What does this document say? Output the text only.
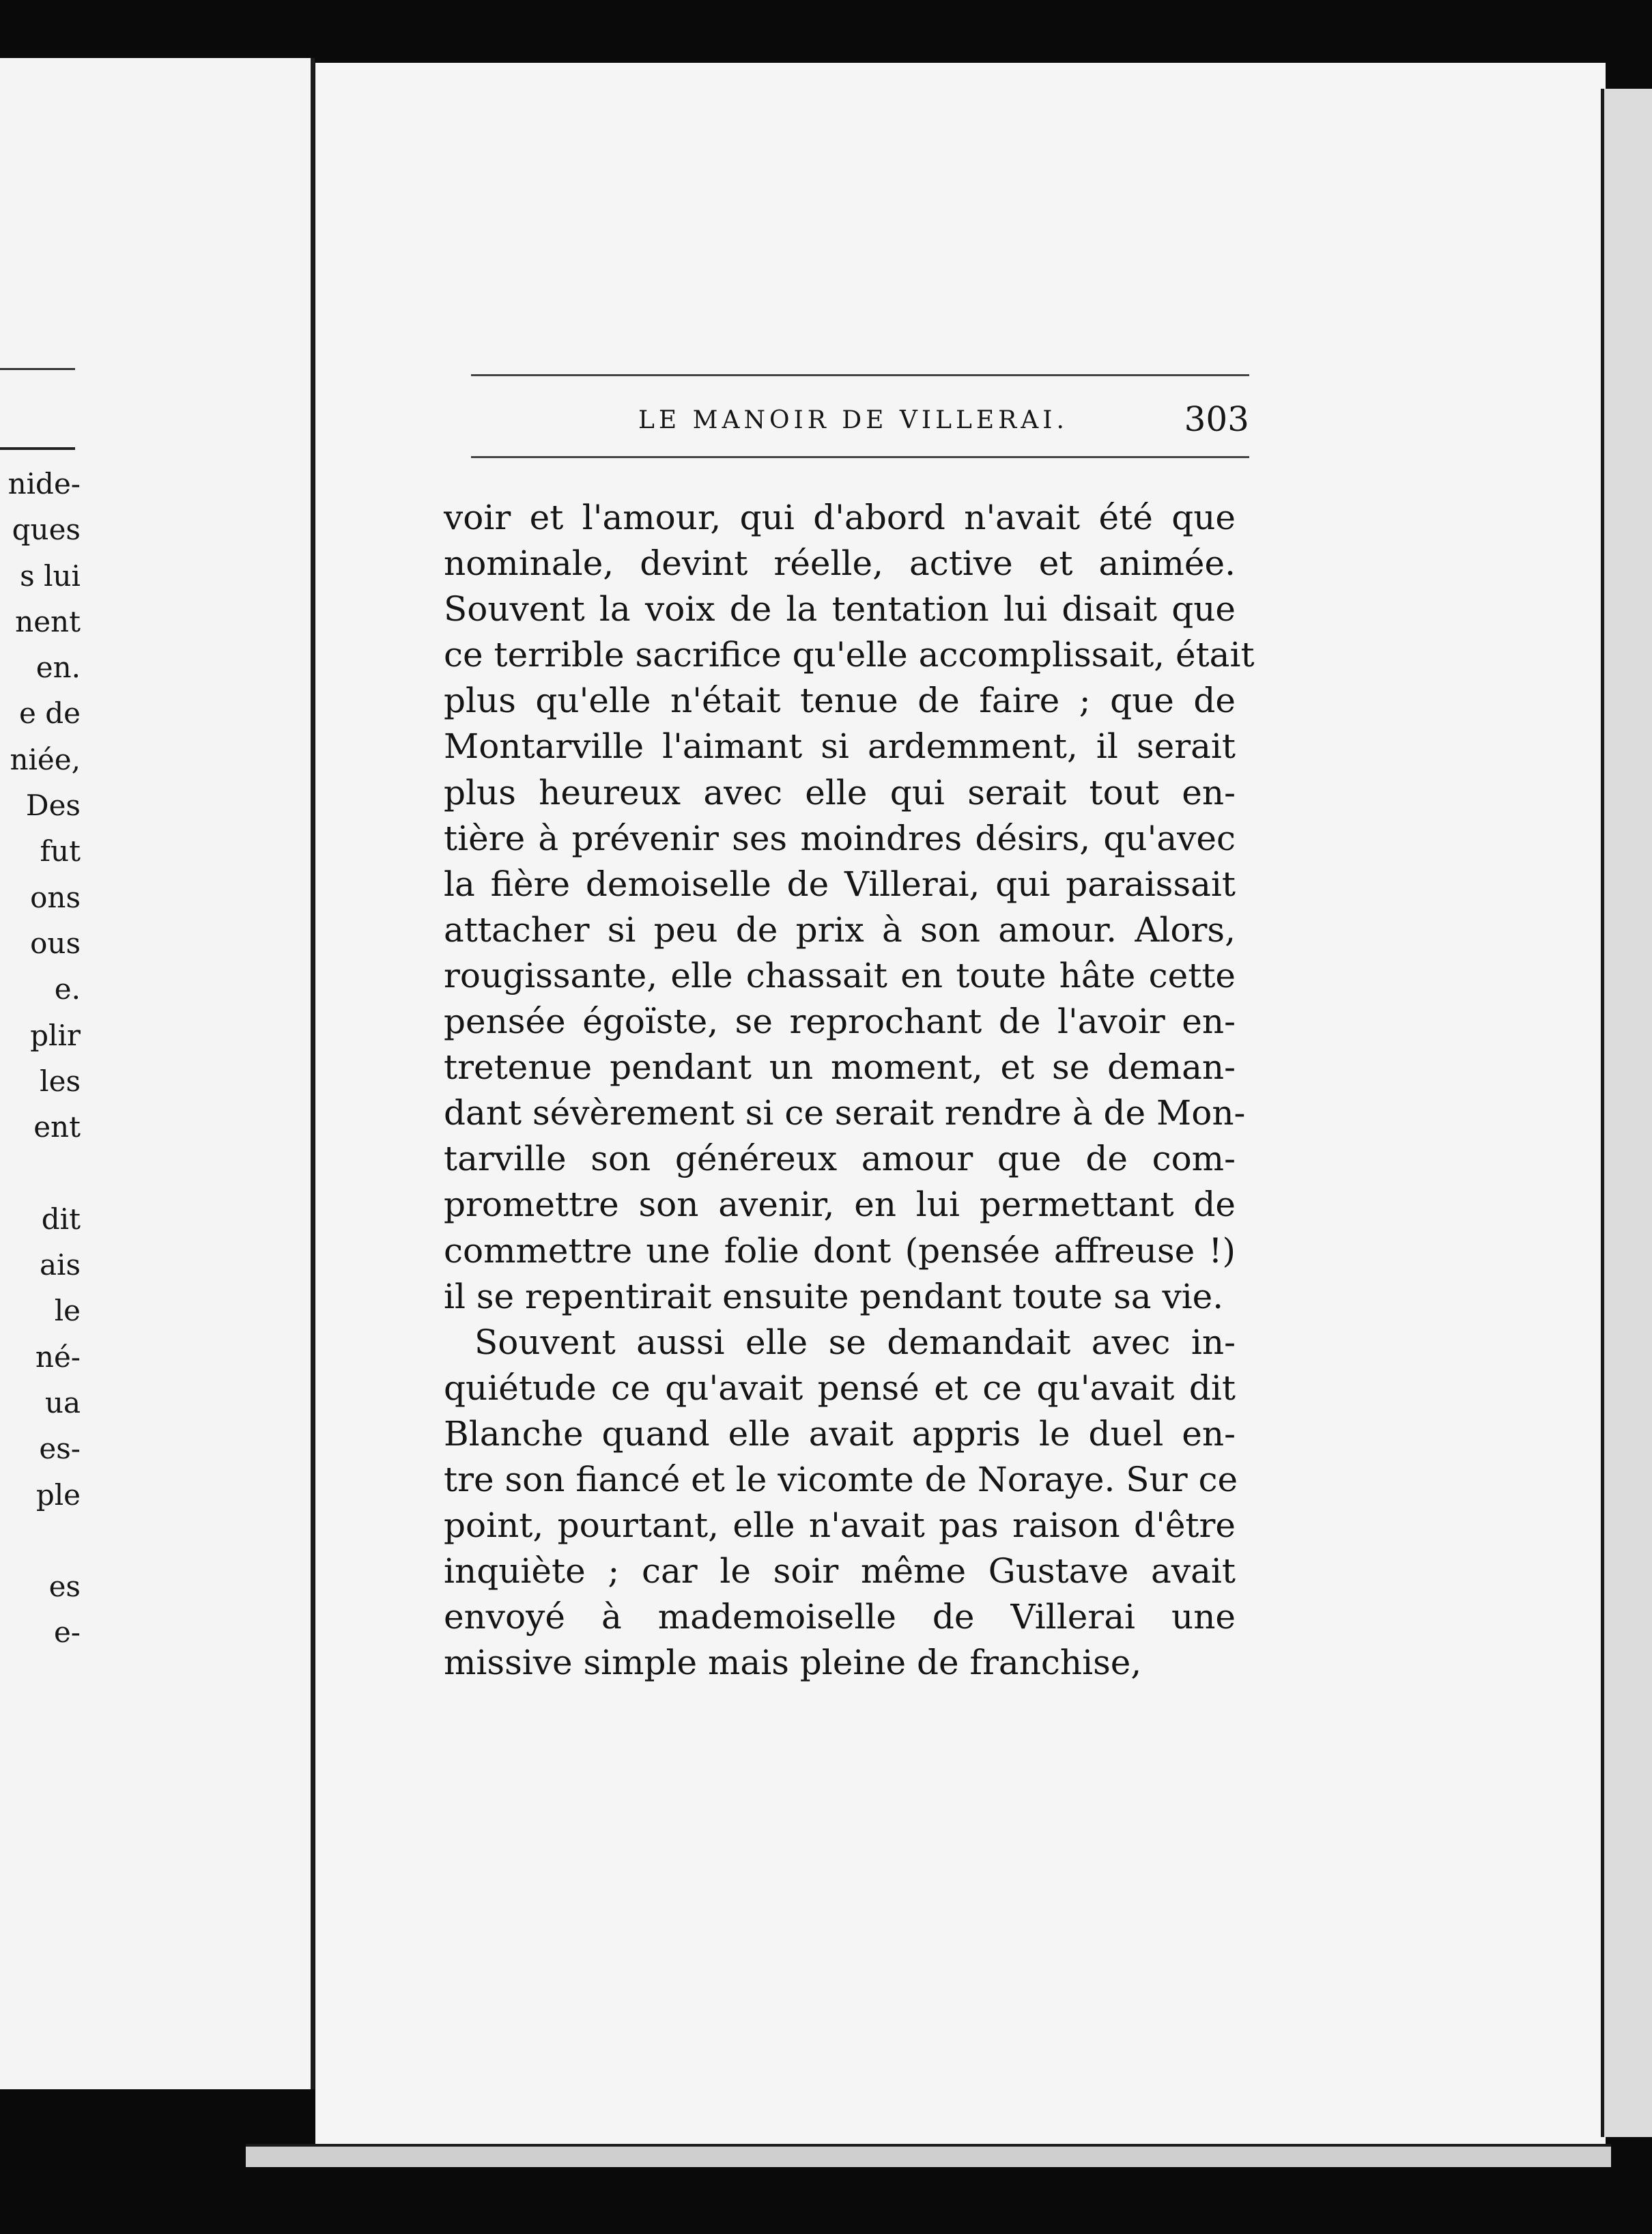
nide-
ques
s lui
nent
en.
e de
niée,
Des
fut
ons
ous
e.
plir
les
ent
dit
ais
le
né-
ua
es-
ple
es
e-
LE MANOIR DE VILLERAI.	303
voir et l'amour, qui d'abord n'avait été que
nominale, devint réelle, active et animée.
Souvent la voix de la tentation lui disait que
ce terrible sacrifice qu'elle accomplissait, était
plus qu'elle n'était tenue de faire ; que de
Montarville l'aimant si ardemment, il serait
plus heureux avec elle qui serait tout en-
tière à prévenir ses moindres désirs, qu'avec
la fière demoiselle de Villerai, qui paraissait
attacher si peu de prix à son amour. Alors,
rougissante, elle chassait en toute hâte cette
pensée égoïste, se reprochant de l'avoir en-
tretenue pendant un moment, et se deman-
dant sévèrement si ce serait rendre à de Mon-
tarville son généreux amour que de com-
promettre son avenir, en lui permettant de
commettre une folie dont (pensée affreuse !)
il se repentirait ensuite pendant toute sa vie.
Souvent aussi elle se demandait avec in-
quiétude ce qu'avait pensé et ce qu'avait dit
Blanche quand elle avait appris le duel en-
tre son fiancé et le vicomte de Noraye. Sur ce
point, pourtant, elle n'avait pas raison d'être
inquiète ; car le soir même Gustave avait
envoyé à mademoiselle de Villerai une
missive simple mais pleine de franchise,
